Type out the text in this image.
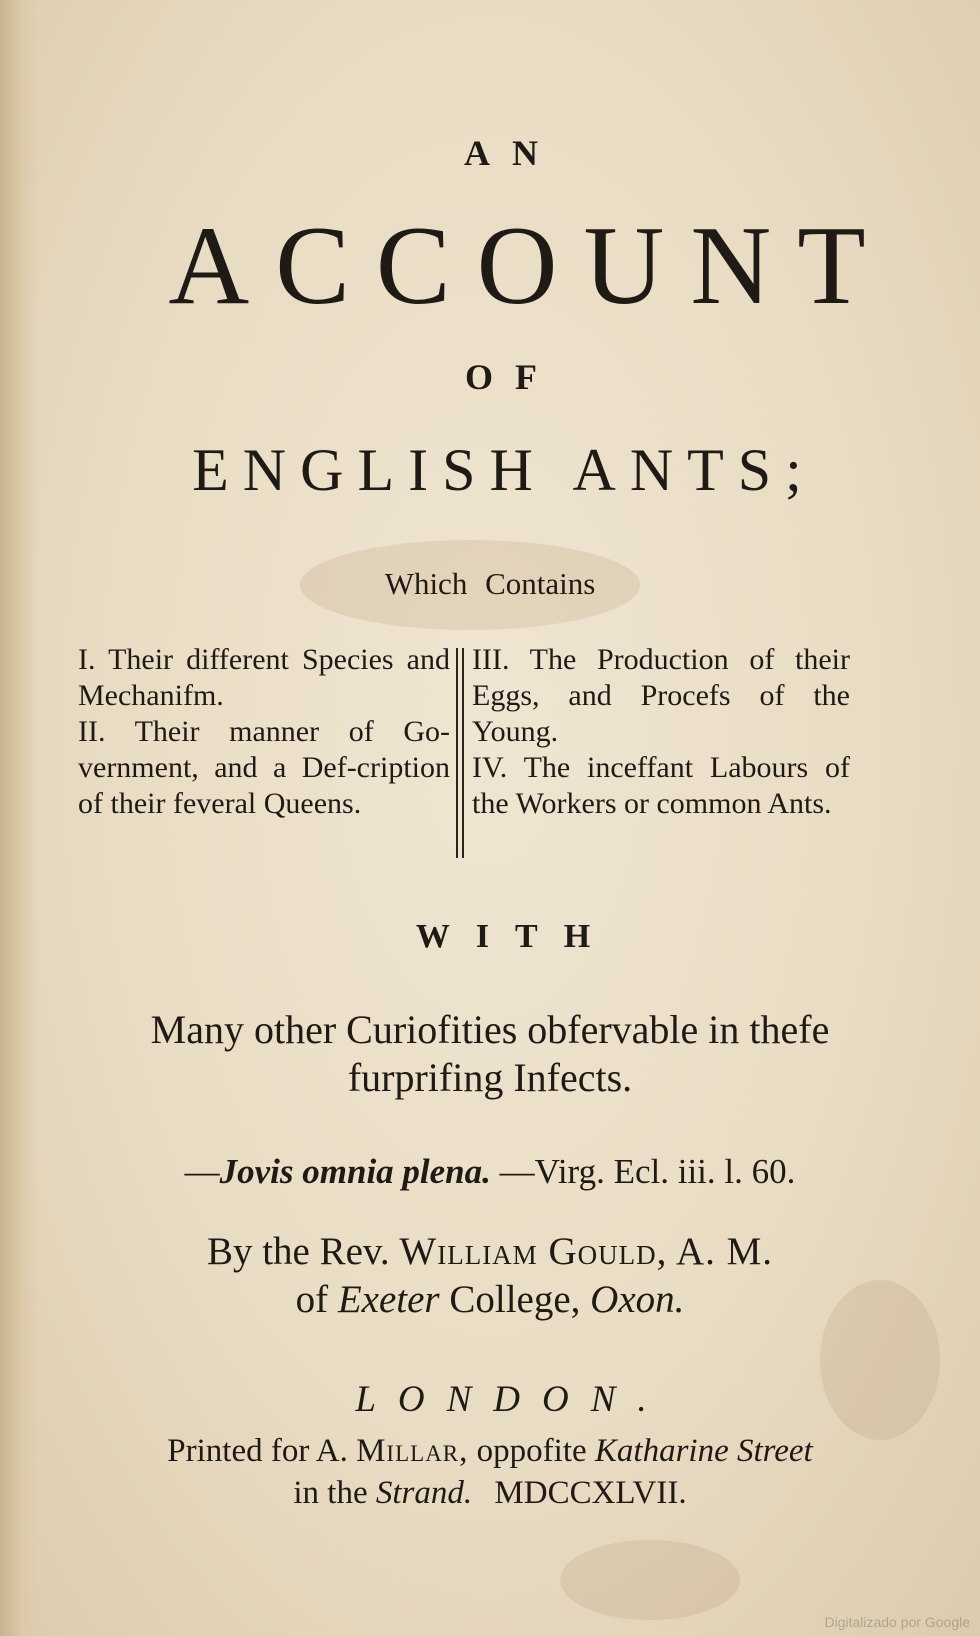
AN
ACCOUNT
OF
ENGLISH ANTS;
Which Contains

I. Their different Species and Mechanifm.

II. Their manner of Go-vernment, and a Def-cription of their feveral Queens.

III. The Production of their Eggs, and Procefs of the Young.

IV. The inceffant Labours of the Workers or common Ants.

WITH
Many other Curiofities obfervable in thefe furprifing Infects.
—Jovis omnia plena. —Virg. Ecl. iii. l. 60.
By the Rev. William Gould, A. M.
of Exeter College, Oxon.
LONDON.
Printed for A. Millar, oppofite Katharine Street
in the Strand. MDCCXLVII.
Digitalizado por Google
